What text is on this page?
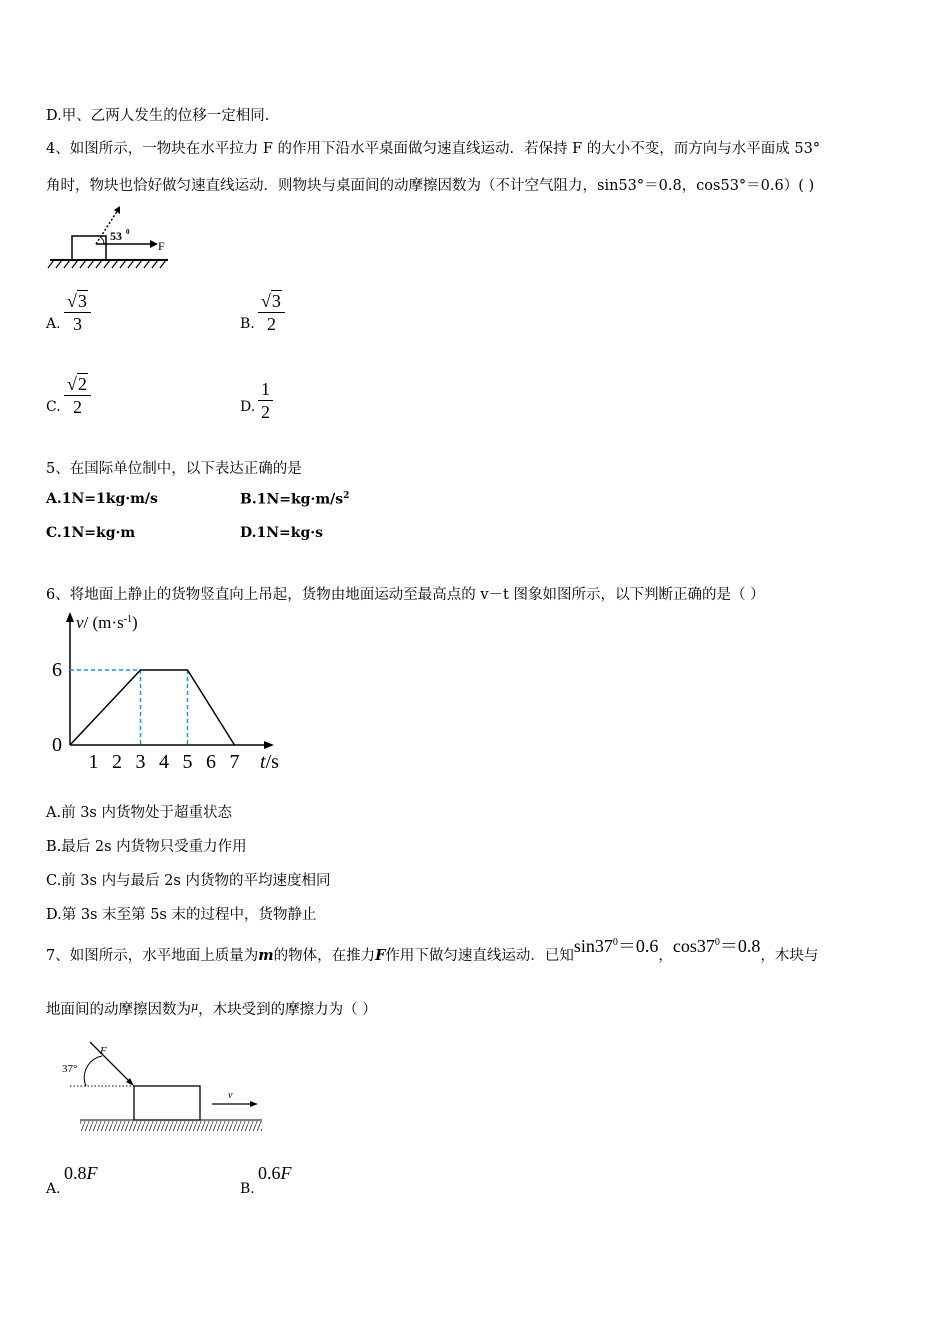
D.甲、乙两人发生的位移一定相同.
4、如图所示，一物块在水平拉力 F 的作用下沿水平桌面做匀速直线运动．若保持 F 的大小不变，而方向与水平面成 53°
角时，物块也恰好做匀速直线运动．则物块与桌面间的动摩擦因数为（不计空气阻力，sin53°＝0.8，cos53°＝0.6）( )
53 0
F
A. $\frac{√3}{3}$	B. $\frac{√3}{2}$
C. $\frac{√2}{2}$	D. $\frac{1}{2}$
5、在国际单位制中，以下表达正确的是
A.1N=1kg·m/s	$B.1N=kg\cdot m/s^2$
C.1N=kg·m	D.1N=kg·s
6、将地面上静止的货物竖直向上吊起，货物由地面运动至最高点的 v－t 图象如图所示，以下判断正确的是（ ）
v/ $(m\cdot s^{-1})$
t/s
6
0
1 2 3 4 5 6 7
A.前 3s 内货物处于超重状态
B.最后 2s 内货物只受重力作用
C.前 3s 内与最后 2s 内货物的平均速度相同
D.第 3s 末至第 5s 末的过程中，货物静止
7、如图所示，水平地面上质量为m的物体，在推力F作用下做匀速直线运动．已知$\sin 37^0=0.6$，$\cos 37^0=0.8$，木块与
地面间的动摩擦因数为$^\mu$，木块受到的摩擦力为（ ）
37°
F
v
A.
0.8F
B.
0.6F
